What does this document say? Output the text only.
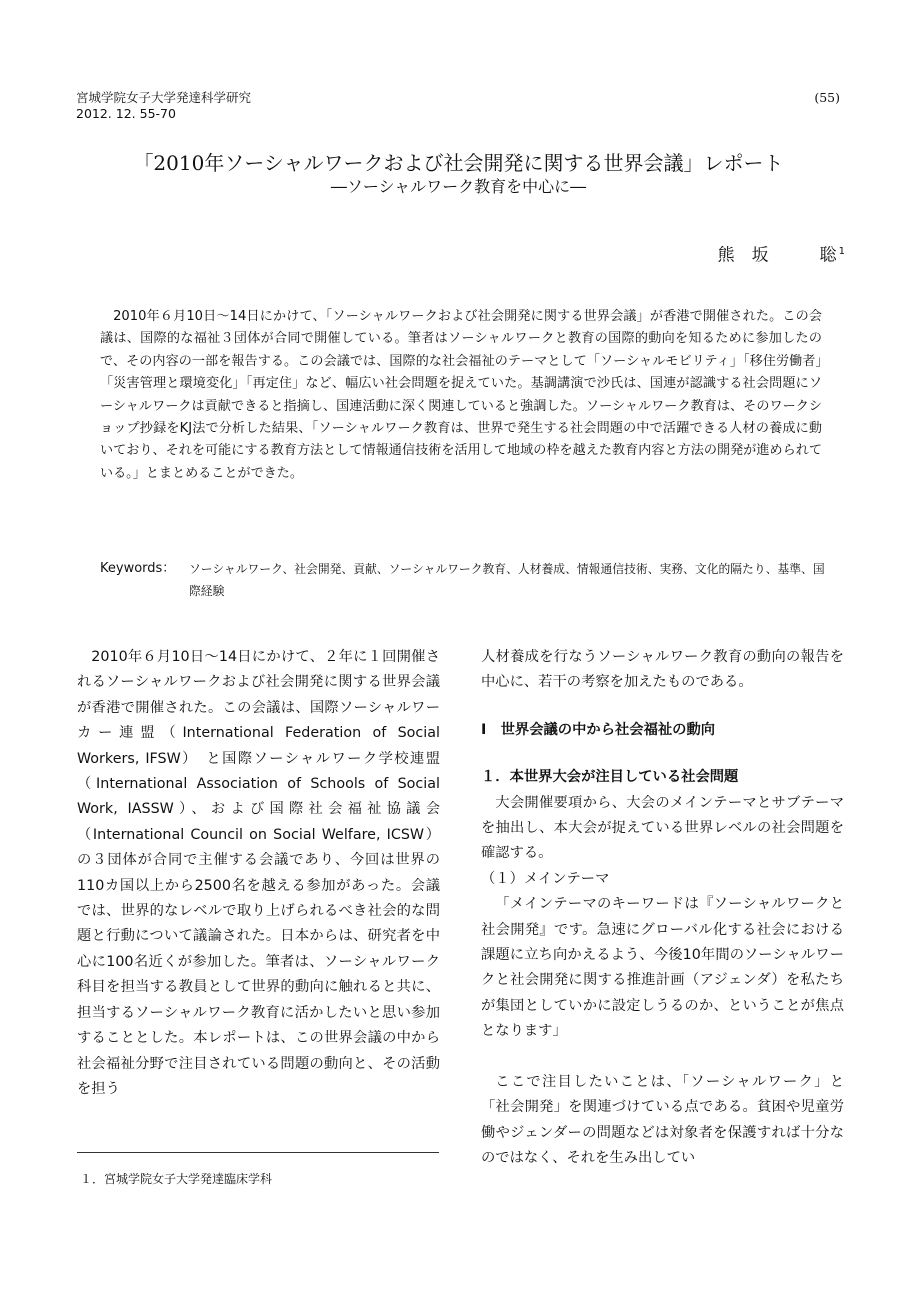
宮城学院女子大学発達科学研究
2012. 12. 55-70
(55)
「2010年ソーシャルワークおよび社会開発に関する世界会議」レポート
―ソーシャルワーク教育を中心に―
熊　坂　　　聡 $^1$

2010年６月10日～14日にかけて、「ソーシャルワークおよび社会開発に関する世界会議」が香港で開催された。この会議は、国際的な福祉３団体が合同で開催している。筆者はソーシャルワークと教育の国際的動向を知るために参加したので、その内容の一部を報告する。この会議では、国際的な社会福祉のテーマとして「ソーシャルモビリティ」「移住労働者」「災害管理と環境変化」「再定住」など、幅広い社会問題を捉えていた。基調講演で沙氏は、国連が認識する社会問題にソーシャルワークは貢献できると指摘し、国連活動に深く関連していると強調した。ソーシャルワーク教育は、そのワークショップ抄録をKJ法で分析した結果、「ソーシャルワーク教育は、世界で発生する社会問題の中で活躍できる人材の養成に動いており、それを可能にする教育方法として情報通信技術を活用して地域の枠を越えた教育内容と方法の開発が進められている。」とまとめることができた。

Keywords： ソーシャルワーク、社会開発、貢献、ソーシャルワーク教育、人材養成、情報通信技術、実務、文化的隔たり、基準、国際経験

2010年６月10日～14日にかけて、２年に１回開催されるソーシャルワークおよび社会開発に関する世界会議が香港で開催された。この会議は、国際ソーシャルワーカー連盟（International Federation of Social Workers, IFSW）　と国際ソーシャルワーク学校連盟（International Association of Schools of Social Work, IASSW）、および国際社会福祉協議会（International Council on Social Welfare, ICSW）の３団体が合同で主催する会議であり、今回は世界の110カ国以上から2500名を越える参加があった。会議では、世界的なレベルで取り上げられるべき社会的な問題と行動について議論された。日本からは、研究者を中心に100名近くが参加した。筆者は、ソーシャルワーク科目を担当する教員として世界的動向に触れると共に、担当するソーシャルワーク教育に活かしたいと思い参加することとした。本レポートは、この世界会議の中から社会福祉分野で注目されている問題の動向と、その活動を担う

１．宮城学院女子大学発達臨床学科

人材養成を行なうソーシャルワーク教育の動向の報告を中心に、若干の考察を加えたものである。

Ⅰ　世界会議の中から社会福祉の動向

１．本世界大会が注目している社会問題

大会開催要項から、大会のメインテーマとサブテーマを抽出し、本大会が捉えている世界レベルの社会問題を確認する。

（１）メインテーマ

「メインテーマのキーワードは『ソーシャルワークと社会開発』です。急速にグローバル化する社会における課題に立ち向かえるよう、今後10年間のソーシャルワークと社会開発に関する推進計画（アジェンダ）を私たちが集団としていかに設定しうるのか、ということが焦点となります」

ここで注目したいことは、「ソーシャルワーク」と「社会開発」を関連づけている点である。貧困や児童労働やジェンダーの問題などは対象者を保護すれば十分なのではなく、それを生み出してい
